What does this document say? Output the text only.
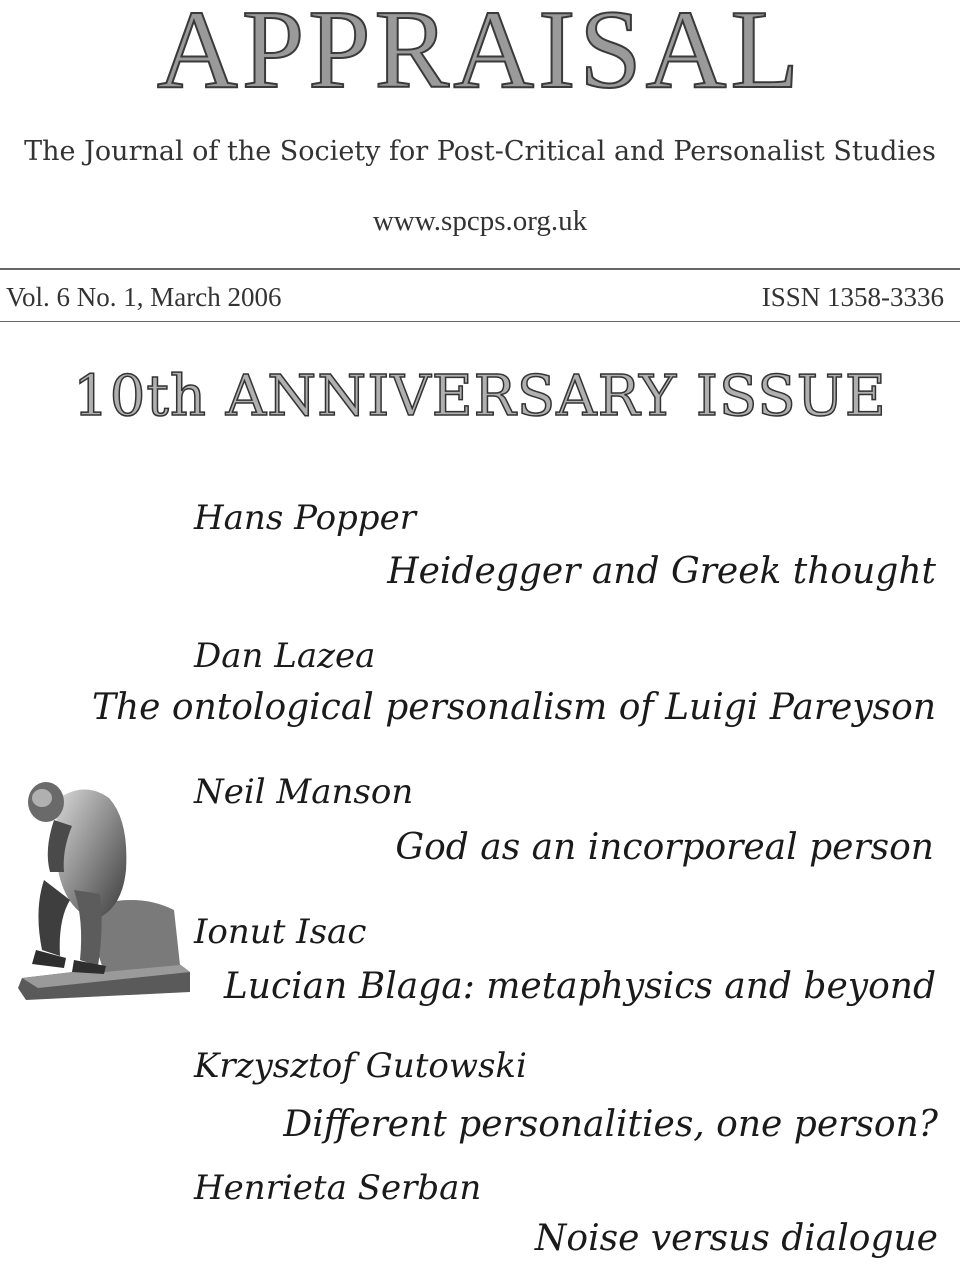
APPRAISAL
The Journal of the Society for Post-Critical and Personalist Studies
www.spcps.org.uk
Vol. 6 No. 1, March 2006	ISSN 1358-3336
10th ANNIVERSARY ISSUE
Hans Popper
Heidegger and Greek thought
Dan Lazea
The ontological personalism of Luigi Pareyson
Neil Manson
God as an incorporeal person
Ionut Isac
Lucian Blaga: metaphysics and beyond
Krzysztof Gutowski
Different personalities, one person?
Henrieta Serban
Noise versus dialogue
